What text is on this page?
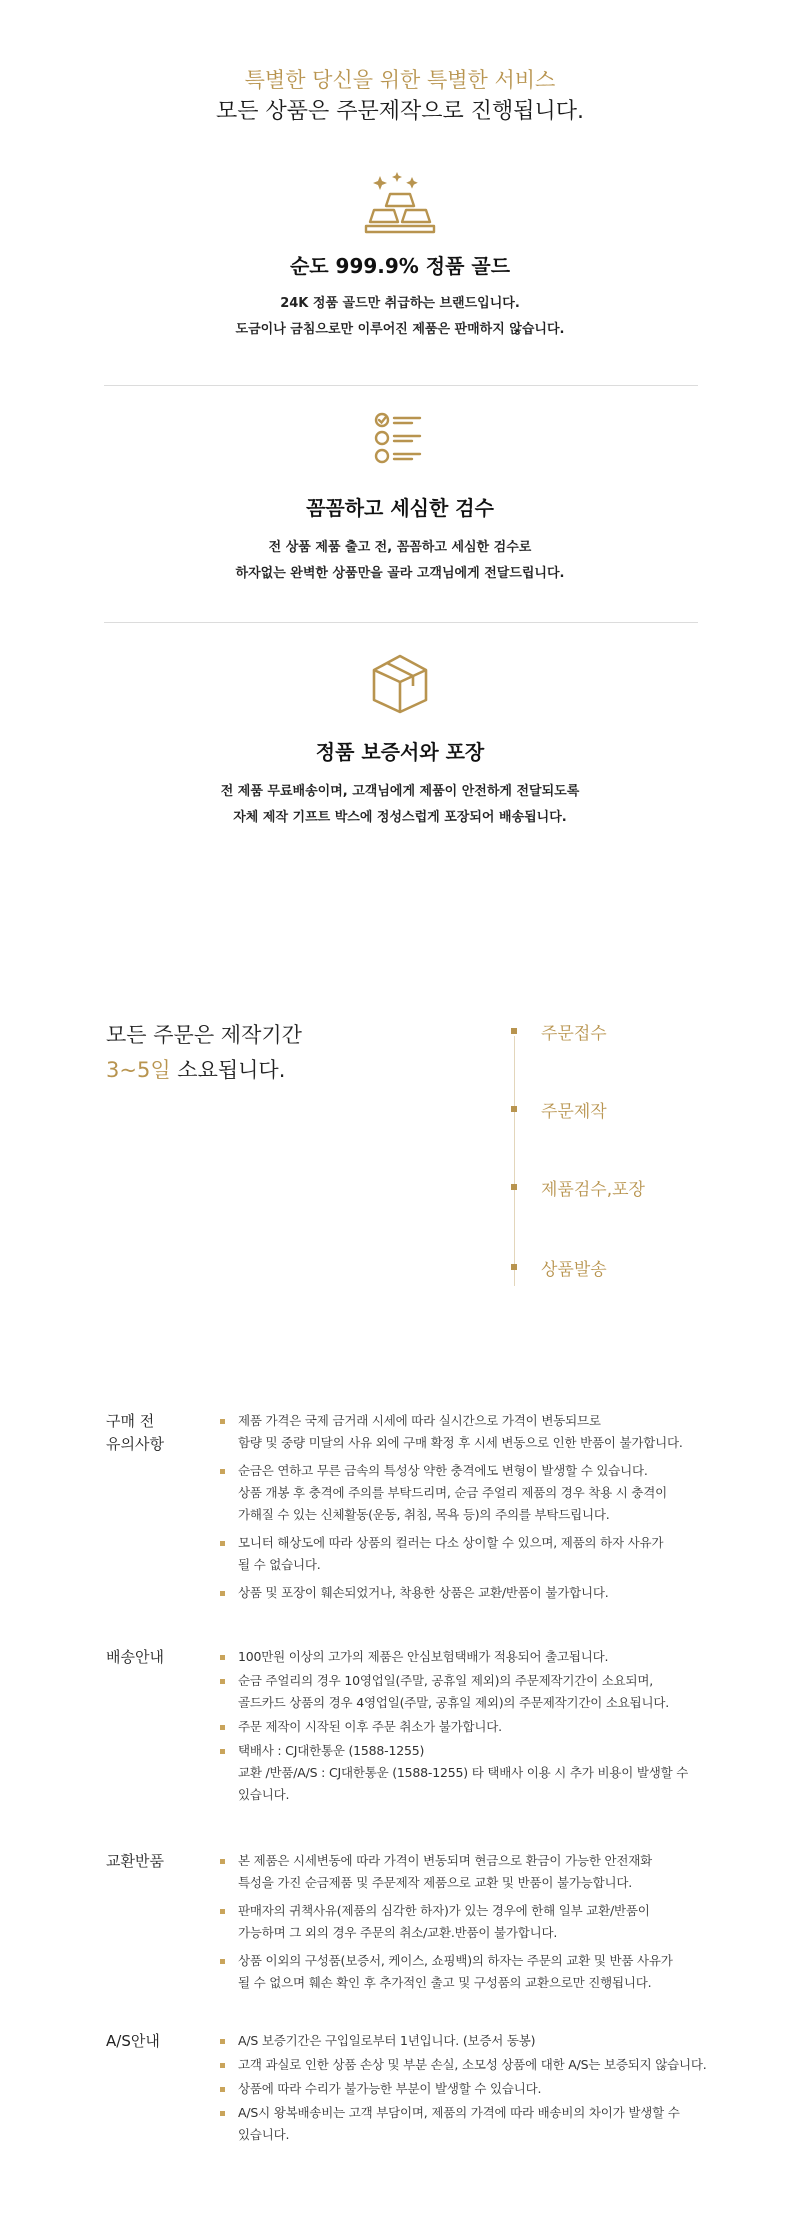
특별한 당신을 위한 특별한 서비스
모든 상품은 주문제작으로 진행됩니다.
순도 999.9% 정품 골드

24K 정품 골드만 취급하는 브랜드입니다.

도금이나 금침으로만 이루어진 제품은 판매하지 않습니다.

꼼꼼하고 세심한 검수

전 상품 제품 출고 전, 꼼꼼하고 세심한 검수로

하자없는 완벽한 상품만을 골라 고객님에게 전달드립니다.

정품 보증서와 포장

전 제품 무료배송이며, 고객님에게 제품이 안전하게 전달되도록

자체 제작 기프트 박스에 정성스럽게 포장되어 배송됩니다.

모든 주문은 제작기간
3~5일 소요됩니다.
주문접수
주문제작
제품검수,포장
상품발송
구매 전
유의사항
제품 가격은 국제 금거래 시세에 따라 실시간으로 가격이 변동되므로
함량 및 중량 미달의 사유 외에 구매 확정 후 시세 변동으로 인한 반품이 불가합니다.
순금은 연하고 무른 금속의 특성상 약한 충격에도 변형이 발생할 수 있습니다.
상품 개봉 후 충격에 주의를 부탁드리며, 순금 주얼리 제품의 경우 착용 시 충격이
가해질 수 있는 신체활동(운동, 취침, 목욕 등)의 주의를 부탁드립니다.
모니터 해상도에 따라 상품의 컬러는 다소 상이할 수 있으며, 제품의 하자 사유가
될 수 없습니다.
상품 및 포장이 훼손되었거나, 착용한 상품은 교환/반품이 불가합니다.
배송안내	100만원 이상의 고가의 제품은 안심보험택배가 적용되어 출고됩니다.
순금 주얼리의 경우 10영업일(주말, 공휴일 제외)의 주문제작기간이 소요되며,
골드카드 상품의 경우 4영업일(주말, 공휴일 제외)의 주문제작기간이 소요됩니다.
주문 제작이 시작된 이후 주문 취소가 불가합니다.
택배사 : CJ대한통운 (1588-1255)
교환 /반품/A/S : CJ대한통운 (1588-1255) 타 택배사 이용 시 추가 비용이 발생할 수
있습니다.
교환반품	본 제품은 시세변동에 따라 가격이 변동되며 현금으로 환금이 가능한 안전재화
특성을 가진 순금제품 및 주문제작 제품으로 교환 및 반품이 불가능합니다.
판매자의 귀책사유(제품의 심각한 하자)가 있는 경우에 한해 일부 교환/반품이
가능하며 그 외의 경우 주문의 취소/교환.반품이 불가합니다.
상품 이외의 구성품(보증서, 케이스, 쇼핑백)의 하자는 주문의 교환 및 반품 사유가
될 수 없으며 훼손 확인 후 추가적인 출고 및 구성품의 교환으로만 진행됩니다.
A/S안내	A/S 보증기간은 구입일로부터 1년입니다. (보증서 동봉)
고객 과실로 인한 상품 손상 및 부분 손실, 소모성 상품에 대한 A/S는 보증되지 않습니다.
상품에 따라 수리가 불가능한 부분이 발생할 수 있습니다.
A/S시 왕복배송비는 고객 부담이며, 제품의 가격에 따라 배송비의 차이가 발생할 수
있습니다.
